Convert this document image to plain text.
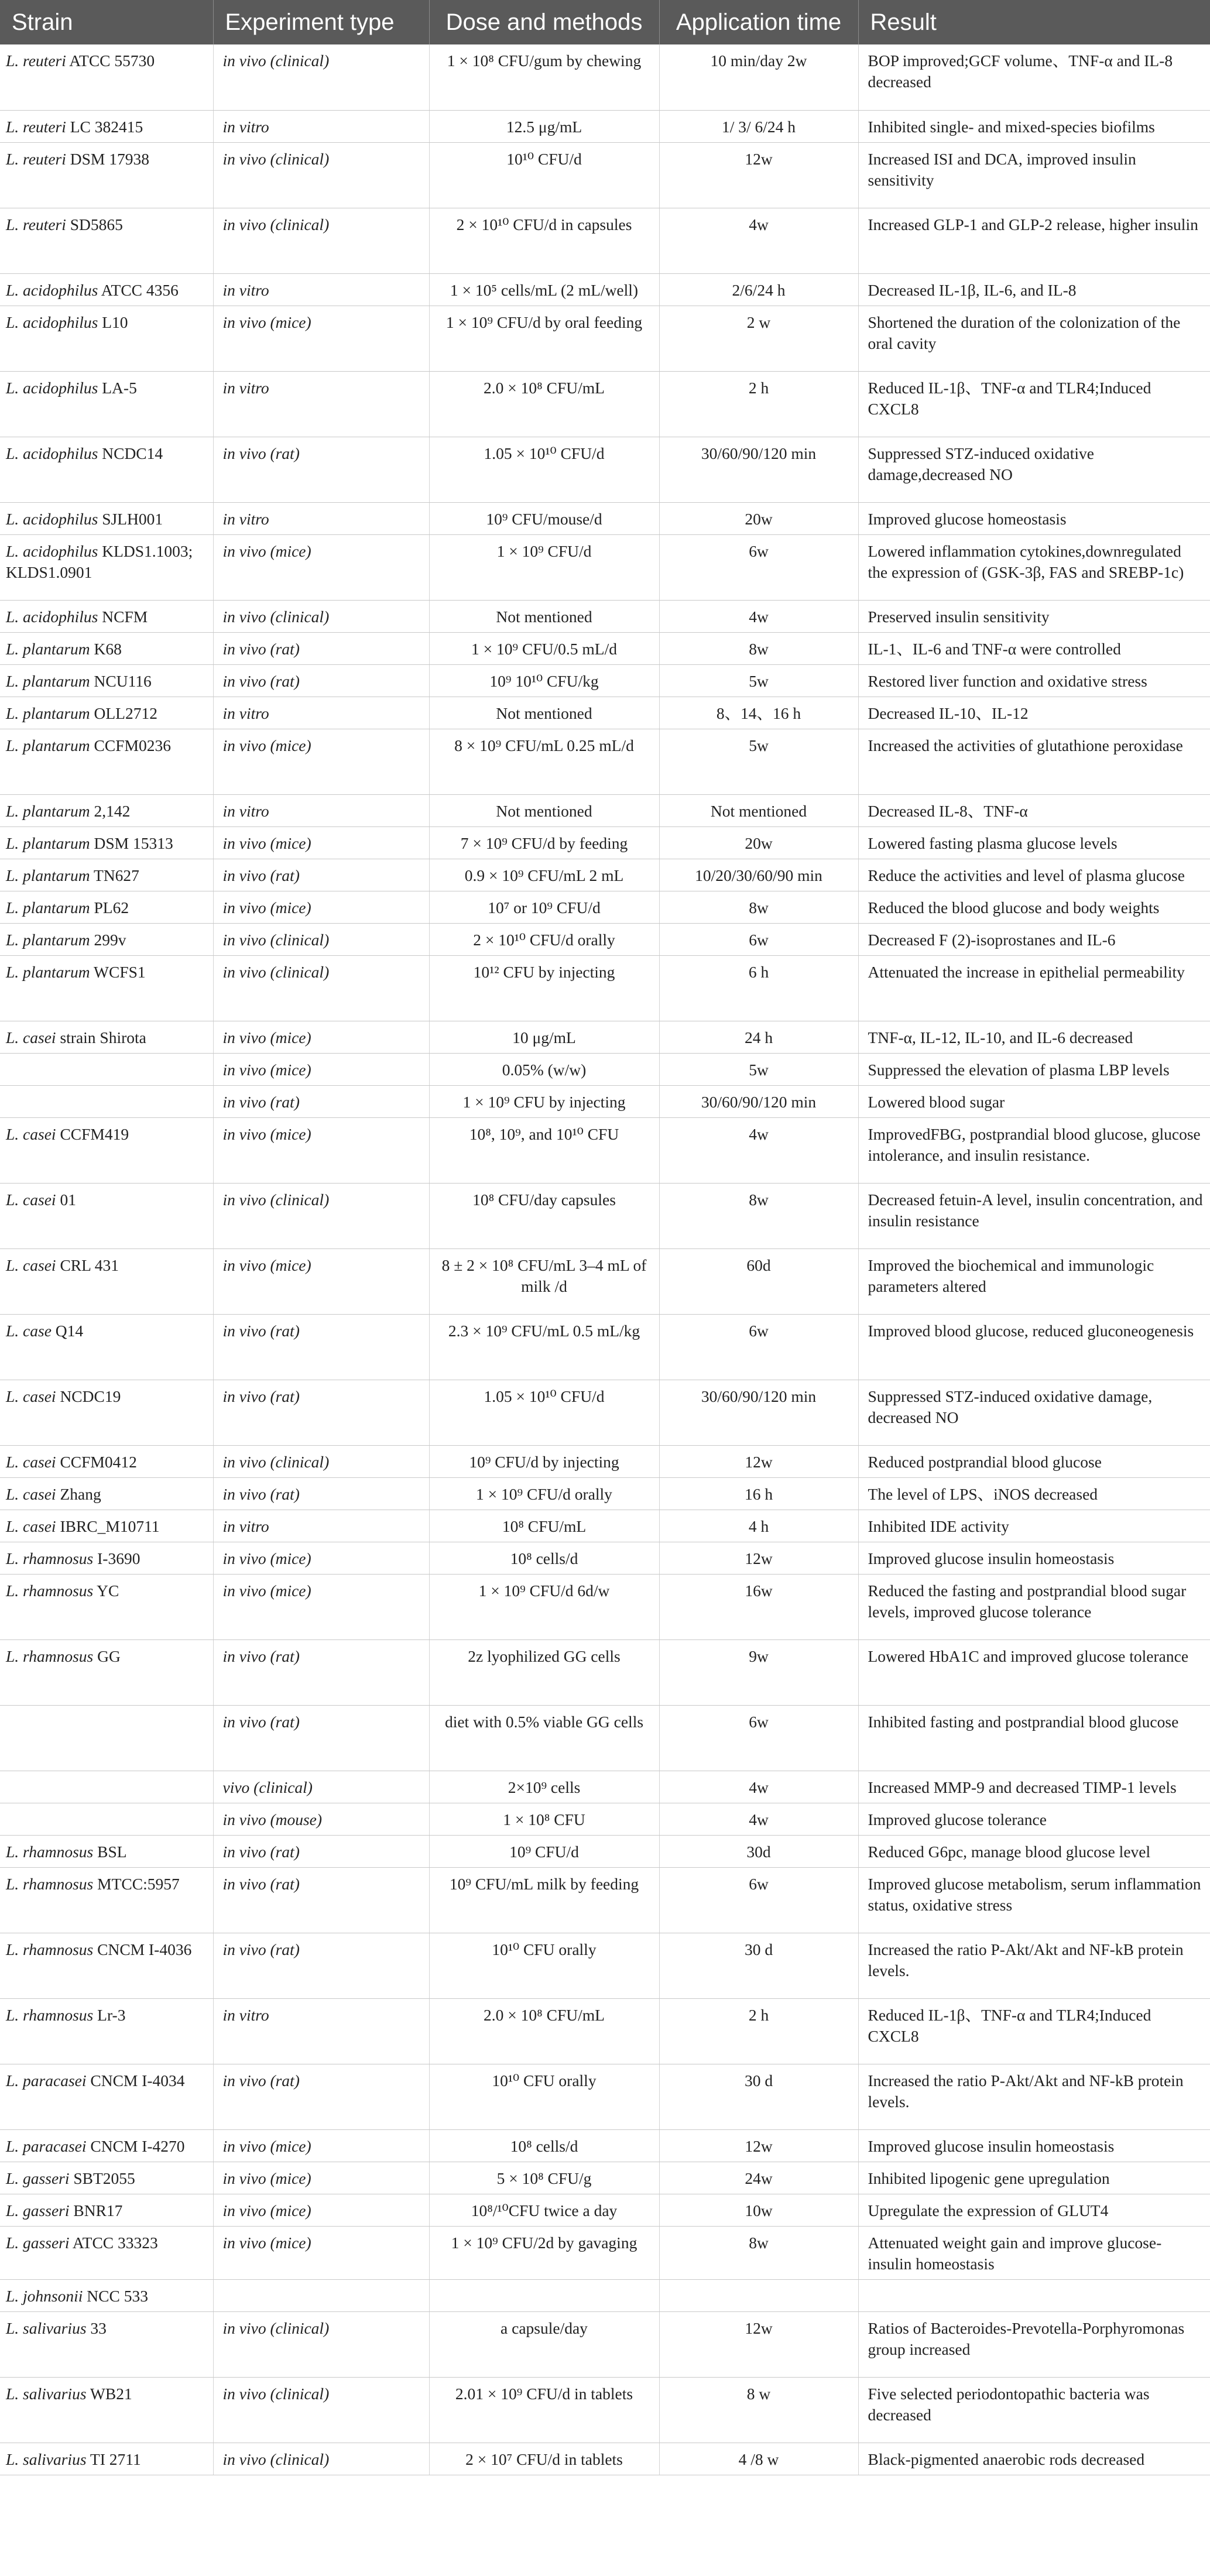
Strain	Experiment type	Dose and methods	Application time	Result
L. reuteri ATCC 55730	in vivo (clinical)	1 × 10⁸ CFU/gum by chewing	10 min/day 2w	BOP improved;GCF volume、TNF-α and IL-8 decreased
L. reuteri LC 382415	in vitro	12.5 μg/mL	1/ 3/ 6/24 h	Inhibited single- and mixed-species biofilms
L. reuteri DSM 17938	in vivo (clinical)	10¹⁰ CFU/d	12w	Increased ISI and DCA, improved insulin sensitivity
L. reuteri SD5865	in vivo (clinical)	2 × 10¹⁰ CFU/d in capsules	4w	Increased GLP-1 and GLP-2 release, higher insulin
L. acidophilus ATCC 4356	in vitro	1 × 10⁵ cells/mL (2 mL/well)	2/6/24 h	Decreased IL-1β, IL-6, and IL-8
L. acidophilus L10	in vivo (mice)	1 × 10⁹ CFU/d by oral feeding	2 w	Shortened the duration of the colonization of the oral cavity
L. acidophilus LA-5	in vitro	2.0 × 10⁸ CFU/mL	2 h	Reduced IL-1β、TNF-α and TLR4;Induced CXCL8
L. acidophilus NCDC14	in vivo (rat)	1.05 × 10¹⁰ CFU/d	30/60/90/120 min	Suppressed STZ-induced oxidative damage,decreased NO
L. acidophilus SJLH001	in vitro	10⁹ CFU/mouse/d	20w	Improved glucose homeostasis
L. acidophilus KLDS1.1003; KLDS1.0901	in vivo (mice)	1 × 10⁹ CFU/d	6w	Lowered inflammation cytokines,downregulated the expression of (GSK-3β, FAS and SREBP-1c)
L. acidophilus NCFM	in vivo (clinical)	Not mentioned	4w	Preserved insulin sensitivity
L. plantarum K68	in vivo (rat)	1 × 10⁹ CFU/0.5 mL/d	8w	IL-1、IL-6 and TNF-α were controlled
L. plantarum NCU116	in vivo (rat)	10⁹ 10¹⁰ CFU/kg	5w	Restored liver function and oxidative stress
L. plantarum OLL2712	in vitro	Not mentioned	8、14、16 h	Decreased IL-10、IL-12
L. plantarum CCFM0236	in vivo (mice)	8 × 10⁹ CFU/mL 0.25 mL/d	5w	Increased the activities of glutathione peroxidase
L. plantarum 2,142	in vitro	Not mentioned	Not mentioned	Decreased IL-8、TNF-α
L. plantarum DSM 15313	in vivo (mice)	7 × 10⁹ CFU/d by feeding	20w	Lowered fasting plasma glucose levels
L. plantarum TN627	in vivo (rat)	0.9 × 10⁹ CFU/mL 2 mL	10/20/30/60/90 min	Reduce the activities and level of plasma glucose
L. plantarum PL62	in vivo (mice)	10⁷ or 10⁹ CFU/d	8w	Reduced the blood glucose and body weights
L. plantarum 299v	in vivo (clinical)	2 × 10¹⁰ CFU/d orally	6w	Decreased F (2)-isoprostanes and IL-6
L. plantarum WCFS1	in vivo (clinical)	10¹² CFU by injecting	6 h	Attenuated the increase in epithelial permeability
L. casei strain Shirota	in vivo (mice)	10 μg/mL	24 h	TNF-α, IL-12, IL-10, and IL-6 decreased
	in vivo (mice)	0.05% (w/w)	5w	Suppressed the elevation of plasma LBP levels
	in vivo (rat)	1 × 10⁹ CFU by injecting	30/60/90/120 min	Lowered blood sugar
L. casei CCFM419	in vivo (mice)	10⁸, 10⁹, and 10¹⁰ CFU	4w	ImprovedFBG, postprandial blood glucose, glucose intolerance, and insulin resistance.
L. casei 01	in vivo (clinical)	10⁸ CFU/day capsules	8w	Decreased fetuin-A level, insulin concentration, and insulin resistance
L. casei CRL 431	in vivo (mice)	8 ± 2 × 10⁸ CFU/mL 3–4 mL of milk /d	60d	Improved the biochemical and immunologic parameters altered
L. case Q14	in vivo (rat)	2.3 × 10⁹ CFU/mL 0.5 mL/kg	6w	Improved blood glucose, reduced gluconeogenesis
L. casei NCDC19	in vivo (rat)	1.05 × 10¹⁰ CFU/d	30/60/90/120 min	Suppressed STZ-induced oxidative damage, decreased NO
L. casei CCFM0412	in vivo (clinical)	10⁹ CFU/d by injecting	12w	Reduced postprandial blood glucose
L. casei Zhang	in vivo (rat)	1 × 10⁹ CFU/d orally	16 h	The level of LPS、iNOS decreased
L. casei IBRC_M10711	in vitro	10⁸ CFU/mL	4 h	Inhibited IDE activity
L. rhamnosus I-3690	in vivo (mice)	10⁸ cells/d	12w	Improved glucose insulin homeostasis
L. rhamnosus YC	in vivo (mice)	1 × 10⁹ CFU/d 6d/w	16w	Reduced the fasting and postprandial blood sugar levels, improved glucose tolerance
L. rhamnosus GG	in vivo (rat)	2z lyophilized GG cells	9w	Lowered HbA1C and improved glucose tolerance
	in vivo (rat)	diet with 0.5% viable GG cells	6w	Inhibited fasting and postprandial blood glucose
	vivo (clinical)	2×10⁹ cells	4w	Increased MMP-9 and decreased TIMP-1 levels
	in vivo (mouse)	1 × 10⁸ CFU	4w	Improved glucose tolerance
L. rhamnosus BSL	in vivo (rat)	10⁹ CFU/d	30d	Reduced G6pc, manage blood glucose level
L. rhamnosus MTCC:5957	in vivo (rat)	10⁹ CFU/mL milk by feeding	6w	Improved glucose metabolism, serum inflammation status, oxidative stress
L. rhamnosus CNCM I-4036	in vivo (rat)	10¹⁰ CFU orally	30 d	Increased the ratio P-Akt/Akt and NF-kB protein levels.
L. rhamnosus Lr-3	in vitro	2.0 × 10⁸ CFU/mL	2 h	Reduced IL-1β、TNF-α and TLR4;Induced CXCL8
L. paracasei CNCM I-4034	in vivo (rat)	10¹⁰ CFU orally	30 d	Increased the ratio P-Akt/Akt and NF-kB protein levels.
L. paracasei CNCM I-4270	in vivo (mice)	10⁸ cells/d	12w	Improved glucose insulin homeostasis
L. gasseri SBT2055	in vivo (mice)	5 × 10⁸ CFU/g	24w	Inhibited lipogenic gene upregulation
L. gasseri BNR17	in vivo (mice)	10⁸/¹⁰CFU twice a day	10w	Upregulate the expression of GLUT4
L. gasseri ATCC 33323	in vivo (mice)	1 × 10⁹ CFU/2d by gavaging	8w	Attenuated weight gain and improve glucose-insulin homeostasis
L. johnsonii NCC 533				
L. salivarius 33	in vivo (clinical)	a capsule/day	12w	Ratios of Bacteroides-Prevotella-Porphyromonas group increased
L. salivarius WB21	in vivo (clinical)	2.01 × 10⁹ CFU/d in tablets	8 w	Five selected periodontopathic bacteria was decreased
L. salivarius TI 2711	in vivo (clinical)	2 × 10⁷ CFU/d in tablets	4 /8 w	Black-pigmented anaerobic rods decreased
